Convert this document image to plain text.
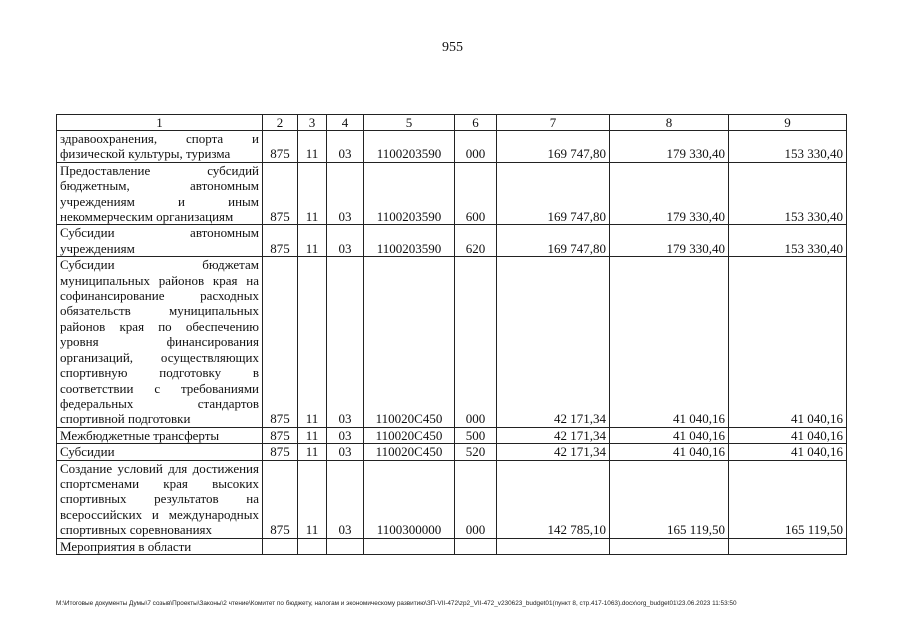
955
1	2	3	4	5	6	7	8	9
здравоохранения, спорта и физической культуры, туризма	875	11	03	1100203590	000	169 747,80	179 330,40	153 330,40
Предоставление субсидий бюджетным, автономным учреждениям и иным некоммерческим организациям	875	11	03	1100203590	600	169 747,80	179 330,40	153 330,40
Субсидии автономным учреждениям	875	11	03	1100203590	620	169 747,80	179 330,40	153 330,40
Субсидии бюджетам муниципальных районов края на софинансирование расходных обязательств муниципальных районов края по обеспечению уровня финансирования организаций, осуществляющих спортивную подготовку в соответствии с требованиями федеральных стандартов спортивной подготовки	875	11	03	110020С450	000	42 171,34	41 040,16	41 040,16
Межбюджетные трансферты	875	11	03	110020С450	500	42 171,34	41 040,16	41 040,16
Субсидии	875	11	03	110020С450	520	42 171,34	41 040,16	41 040,16
Создание условий для достижения спортсменами края высоких спортивных результатов на всероссийских и международных спортивных соревнованиях	875	11	03	1100300000	000	142 785,10	165 119,50	165 119,50
Мероприятия в области								
M:\Итоговые документы Думы\7 созыв\Проекты\Законы\2 чтение\Комитет по бюджету, налогам и экономическому развитию\ЗП-VII-472\zp2_VII-472_v230623_budget01(пункт 8, стр.417-1063).docx\org_budget01\23.06.2023 11:53:50
